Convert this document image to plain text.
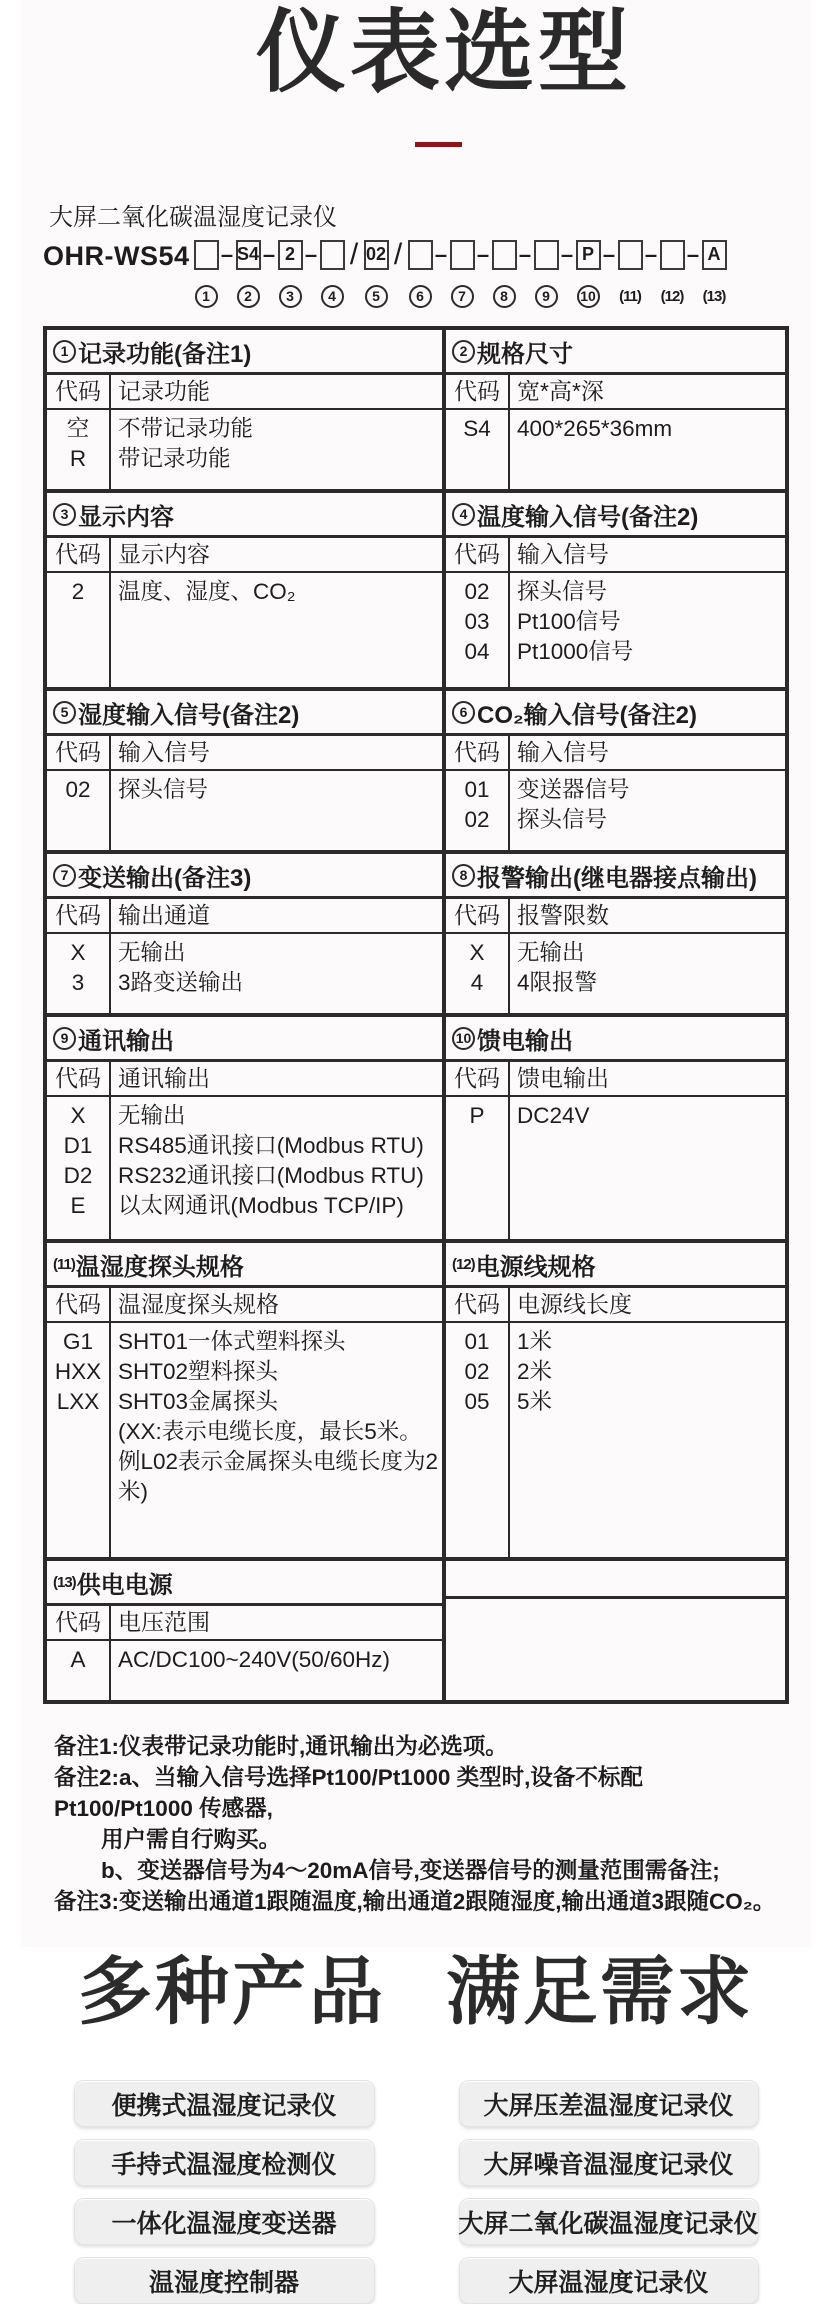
仪表选型
大屏二氧化碳温湿度记录仪
OHR-WS54
1
– S4
2
– 2
3
–
4
/ 02
5
/
6
–
7
–
8
–
9
– P
10
–
(11)
–
(12)
– A
(13)
1 记录功能(备注1)
代码 记录功能
空	不带记录功能
R	带记录功能
2 规格尺寸
代码 宽*高*深
S4	400*265*36mm
3 显示内容
代码 显示内容
2	温度、湿度、CO₂
4 温度输入信号(备注2)
代码 输入信号
02	探头信号
03	Pt100信号
04	Pt1000信号
5 湿度输入信号(备注2)
代码 输入信号
02	探头信号
6 CO₂输入信号(备注2)
代码 输入信号
01	变送器信号
02	探头信号
7 变送输出(备注3)
代码 输出通道
X	无输出
3	3路变送输出
8 报警输出(继电器接点输出)
代码 报警限数
X	无输出
4	4限报警
9 通讯输出
代码 通讯输出
X	无输出
D1	RS485通讯接口(Modbus RTU)
D2	RS232通讯接口(Modbus RTU)
E	以太网通讯(Modbus TCP/IP)
10 馈电输出
代码 馈电输出
P	DC24V
(11) 温湿度探头规格
代码 温湿度探头规格
G1	SHT01一体式塑料探头
HXX SHT02塑料探头
LXX SHT03金属探头
(XX:表示电缆长度，最长5米。例L02表示金属探头电缆长度为2米)
(12) 电源线规格
代码 电源线长度
01	1米
02	2米
05	5米
(13) 供电电源
代码 电压范围
A	AC/DC100~240V(50/60Hz)

备注1:仪表带记录功能时,通讯输出为必选项。
备注2:a、当输入信号选择Pt100/Pt1000 类型时,设备不标配 Pt100/Pt1000 传感器,
用户需自行购买。
b、变送器信号为4～20mA信号,变送器信号的测量范围需备注;
备注3:变送输出通道1跟随温度,输出通道2跟随湿度,输出通道3跟随CO₂。
多种产品 满足需求
便携式温湿度记录仪	大屏压差温湿度记录仪
手持式温湿度检测仪	大屏噪音温湿度记录仪
一体化温湿度变送器	大屏二氧化碳温湿度记录仪
温湿度控制器	大屏温湿度记录仪
